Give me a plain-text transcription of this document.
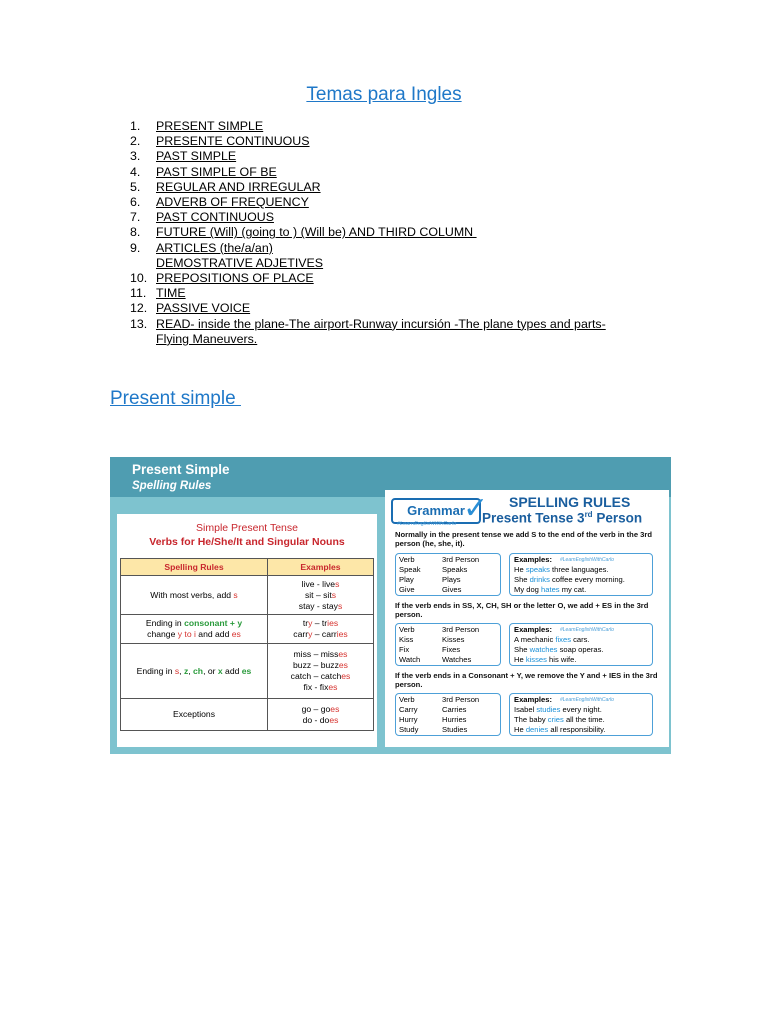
Temas para Ingles
1.	PRESENT SIMPLE
2.	PRESENTE CONTINUOUS
3.	PAST SIMPLE
4.	PAST SIMPLE OF BE
5.	REGULAR AND IRREGULAR
6.	ADVERB OF FREQUENCY
7.	PAST CONTINUOUS
8.	FUTURE (Will) (going to ) (Will be) AND THIRD COLUMN
9.	ARTICLES (the/a/an)
DEMOSTRATIVE ADJETIVES
10. PREPOSITIONS OF PLACE
11. TIME
12. PASSIVE VOICE
13. READ- inside the plane-The airport-Runway incursión -The plane types and parts-
Flying Maneuvers.
Present simple
Present Simple
Spelling Rules
Simple Present Tense
Verbs for He/She/It and Singular Nouns
Spelling Rules	Examples
With most verbs, add s	live - lives
sit – sits
stay - stays
Ending in consonant + y
change y to i and add es	try – tries
carry – carries
Ending in s, z, ch, or x add es	miss – misses
buzz – buzzes
catch – catches
fix - fixes
Exceptions	go – goes
do - does
Grammar
✓ SPELLING RULES
Present Tense 3rd Person
#LearnEnglishWithCarlo
Normally in the present tense we add S to the end of the verb in the 3rd person (he, she, it).
Verb	3rd Person
Speak	Speaks
Play	Plays
Give	Gives
Examples: #LearnEnglishWithCarlo
He speaks three languages.
She drinks coffee every morning.
My dog hates my cat.
If the verb ends in SS, X, CH, SH or the letter O, we add + ES in the 3rd person.
Verb	3rd Person
Kiss	Kisses
Fix	Fixes
Watch	Watches
Examples: #LearnEnglishWithCarlo
A mechanic fixes cars.
She watches soap operas.
He kisses his wife.
If the verb ends in a Consonant + Y, we remove the Y and + IES in the 3rd person.
Verb	3rd Person
Carry	Carries
Hurry	Hurries
Study	Studies
Examples: #LearnEnglishWithCarlo
Isabel studies every night.
The baby cries all the time.
He denies all responsibility.
